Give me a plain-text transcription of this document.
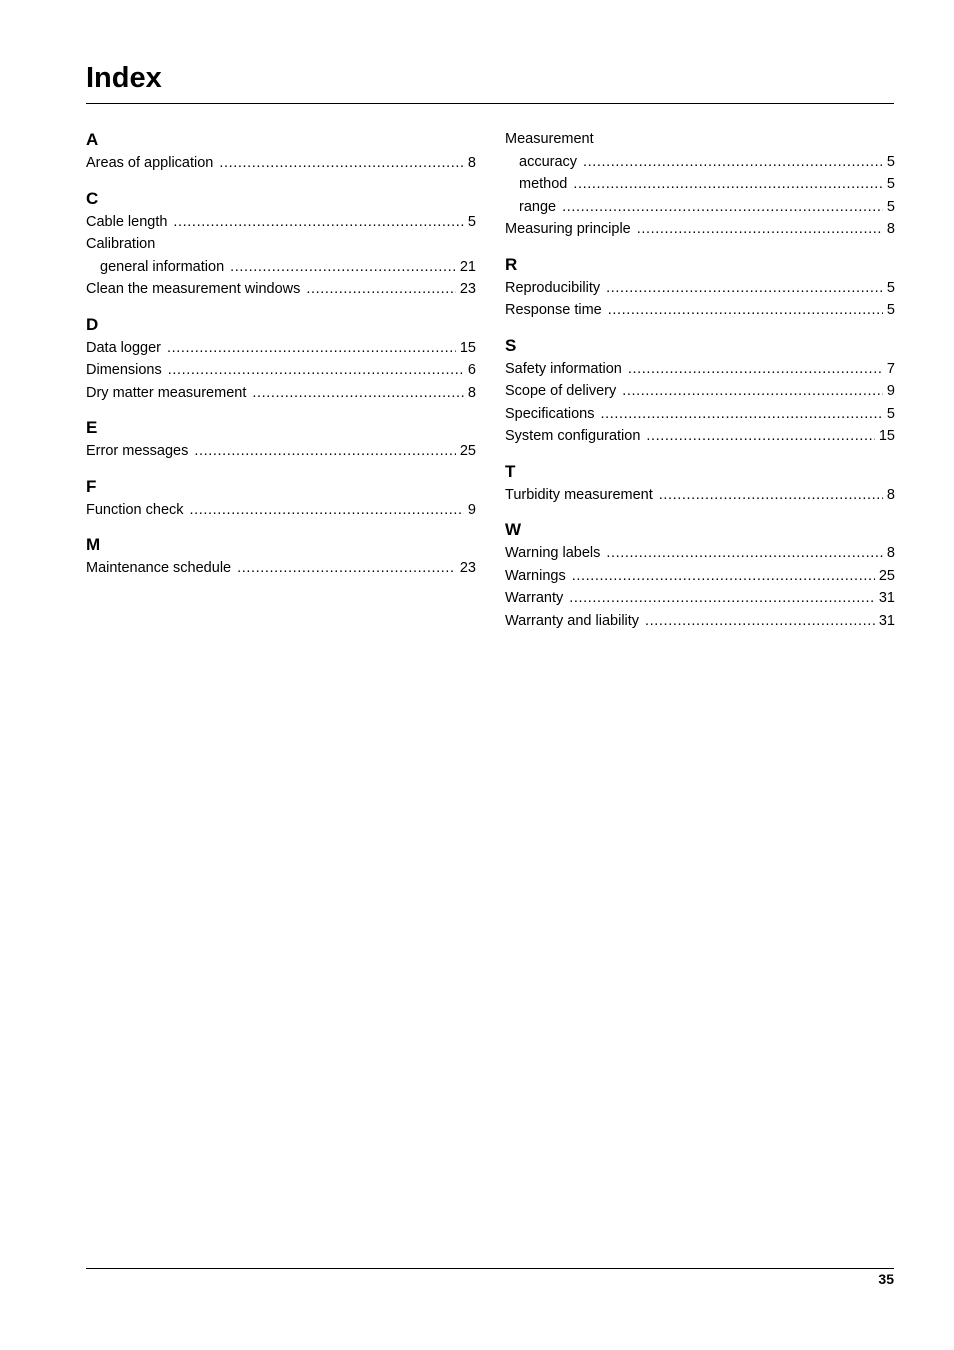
Index
A
Areas of application .....	8
C
Cable length .....	5
Calibration
general information .....	21
Clean the measurement windows .....	23
D
Data logger .....	15
Dimensions .....	6
Dry matter measurement .....	8
E
Error messages .....	25
F
Function check .....	9
M
Maintenance schedule .....	23
Measurement
accuracy .....	5
method .....	5
range .....	5
Measuring principle .....	8
R
Reproducibility .....	5
Response time .....	5
S
Safety information .....	7
Scope of delivery .....	9
Specifications .....	5
System configuration .....	15
T
Turbidity measurement .....	8
W
Warning labels .....	8
Warnings .....	25
Warranty .....	31
Warranty and liability .....	31
35
